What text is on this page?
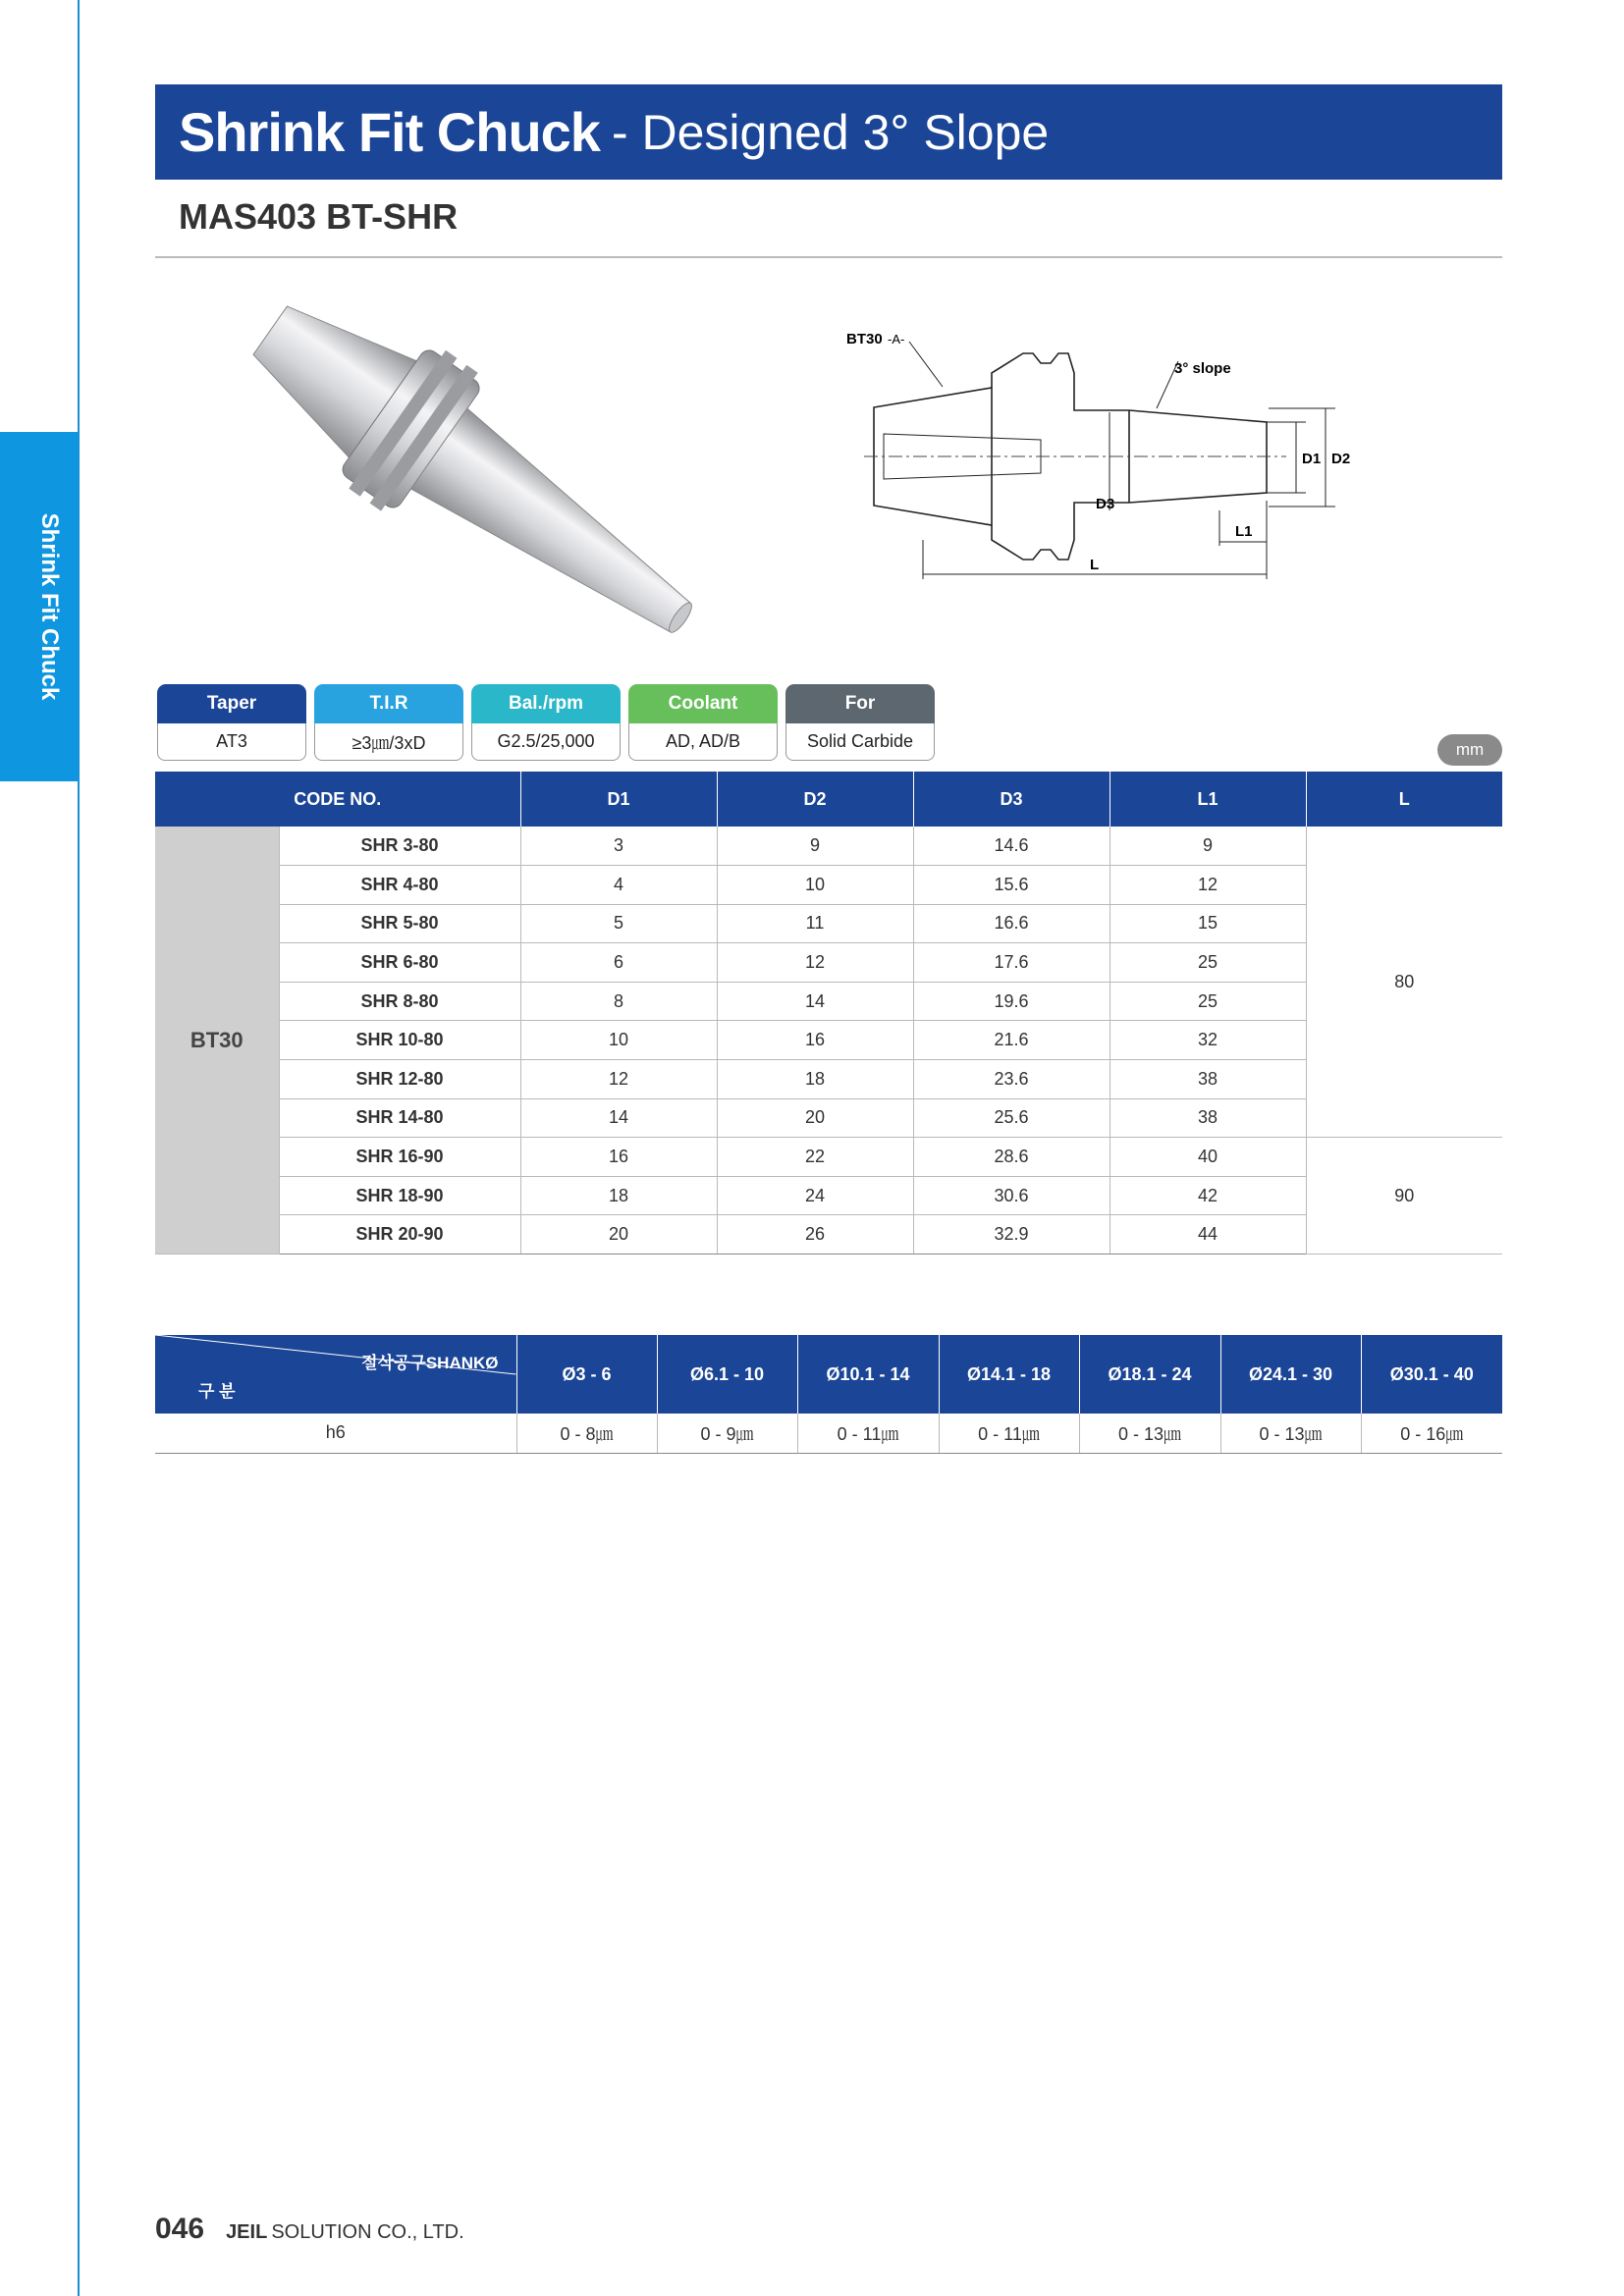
Shrink Fit Chuck
Shrink Fit Chuck - Designed 3° Slope
MAS403 BT-SHR
BT30 -A-
3° slope
D1 D2
D3
L1
L
Taper
AT3
T.I.R
≥3㎛/3xD
Bal./rpm
G2.5/25,000
Coolant
AD, AD/B
For
Solid Carbide	mm
CODE NO.		D1	D2	D3	L1	L
BT30	SHR 3-80	3	9	14.6	9	80
	SHR 4-80	4	10	15.6	12	
	SHR 5-80	5	11	16.6	15	
	SHR 6-80	6	12	17.6	25	
	SHR 8-80	8	14	19.6	25	
	SHR 10-80	10	16	21.6	32	
	SHR 12-80	12	18	23.6	38	
	SHR 14-80	14	20	25.6	38	
	SHR 16-90	16	22	28.6	40	90
	SHR 18-90	18	24	30.6	42	
	SHR 20-90	20	26	32.9	44	
절삭공구SHANKØ
구 분	Ø3 - 6	Ø6.1 - 10	Ø10.1 - 14	Ø14.1 - 18	Ø18.1 - 24	Ø24.1 - 30	Ø30.1 - 40
h6	0 - 8㎛	0 - 9㎛	0 - 11㎛	0 - 11㎛	0 - 13㎛	0 - 13㎛	0 - 16㎛
046 JEIL SOLUTION CO., LTD.
